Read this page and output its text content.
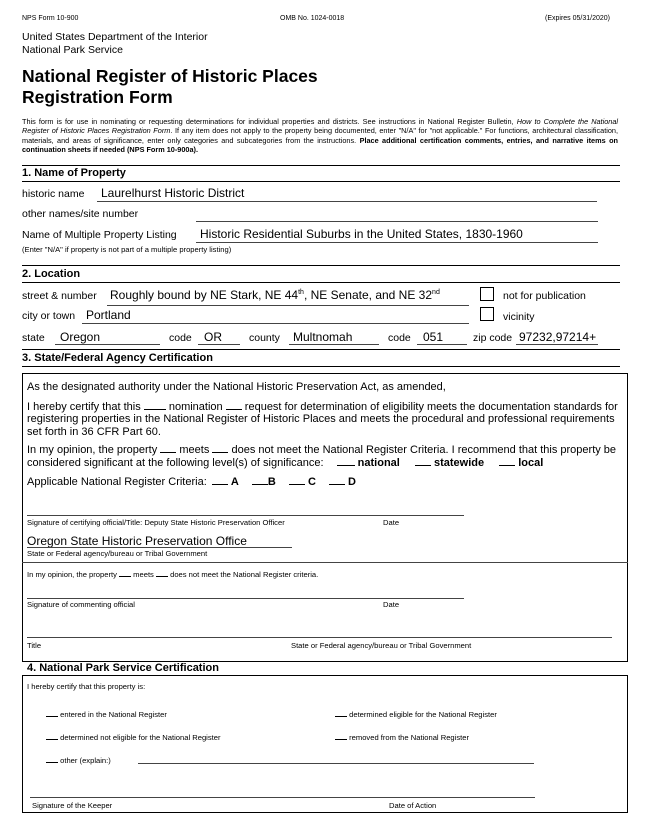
NPS Form 10-900	OMB No. 1024-0018	(Expires 05/31/2020)
United States Department of the Interior
National Park Service
National Register of Historic Places
Registration Form
This form is for use in nominating or requesting determinations for individual properties and districts. See instructions in National Register Bulletin, How to Complete the National Register of Historic Places Registration Form. If any item does not apply to the property being documented, enter "N/A" for "not applicable." For functions, architectural classification, materials, and areas of significance, enter only categories and subcategories from the instructions. Place additional certification comments, entries, and narrative items on continuation sheets if needed (NPS Form 10-900a).
1. Name of Property
historic name Laurelhurst Historic District
other names/site number
Name of Multiple Property Listing Historic Residential Suburbs in the United States, 1830-1960
(Enter "N/A" if property is not part of a multiple property listing)
2. Location
street & number Roughly bound by NE Stark, NE 44th, NE Senate, and NE 32nd	not for publication
city or town Portland	vicinity
state Oregon	code OR	county Multnomah	code 051	zip code 97232,97214+
3. State/Federal Agency Certification
As the designated authority under the National Historic Preservation Act, as amended,
I hereby certify that this	nomination request for determination of eligibility meets the documentation standards for registering properties in the National Register of Historic Places and meets the procedural and professional requirements set forth in 36 CFR Part 60.
In my opinion, the property meets does not meet the National Register Criteria. I recommend that this property be considered significant at the following level(s) of significance:	national	statewide	local
Applicable National Register Criteria: A	B	C	D
Signature of certifying official/Title: Deputy State Historic Preservation Officer	Date
Oregon State Historic Preservation Office
State or Federal agency/bureau or Tribal Government
In my opinion, the property meets does not meet the National Register criteria.
Signature of commenting official	Date
Title	State or Federal agency/bureau or Tribal Government
4. National Park Service Certification
I hereby certify that this property is:
entered in the National Register	determined eligible for the National Register
determined not eligible for the National Register	removed from the National Register
other (explain:)
Signature of the Keeper	Date of Action
